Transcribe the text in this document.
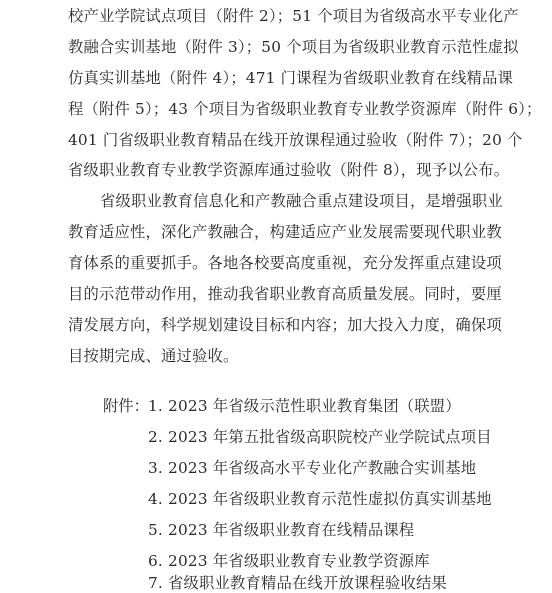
校产业学院试点项目（附件 2）；51 个项目为省级高水平专业化产
教融合实训基地（附件 3）；50 个项目为省级职业教育示范性虚拟
仿真实训基地（附件 4）；471 门课程为省级职业教育在线精品课
程（附件 5）；43 个项目为省级职业教育专业教学资源库（附件 6）；
401 门省级职业教育精品在线开放课程通过验收（附件 7）；20 个
省级职业教育专业教学资源库通过验收（附件 8），现予以公布。
省级职业教育信息化和产教融合重点建设项目，是增强职业
教育适应性，深化产教融合，构建适应产业发展需要现代职业教
育体系的重要抓手。各地各校要高度重视，充分发挥重点建设项
目的示范带动作用，推动我省职业教育高质量发展。同时，要厘
清发展方向，科学规划建设目标和内容；加大投入力度，确保项
目按期完成、通过验收。
附件： 1. 2023 年省级示范性职业教育集团（联盟）
2. 2023 年第五批省级高职院校产业学院试点项目
3. 2023 年省级高水平专业化产教融合实训基地
4. 2023 年省级职业教育示范性虚拟仿真实训基地
5. 2023 年省级职业教育在线精品课程
6. 2023 年省级职业教育专业教学资源库
7. 省级职业教育精品在线开放课程验收结果
